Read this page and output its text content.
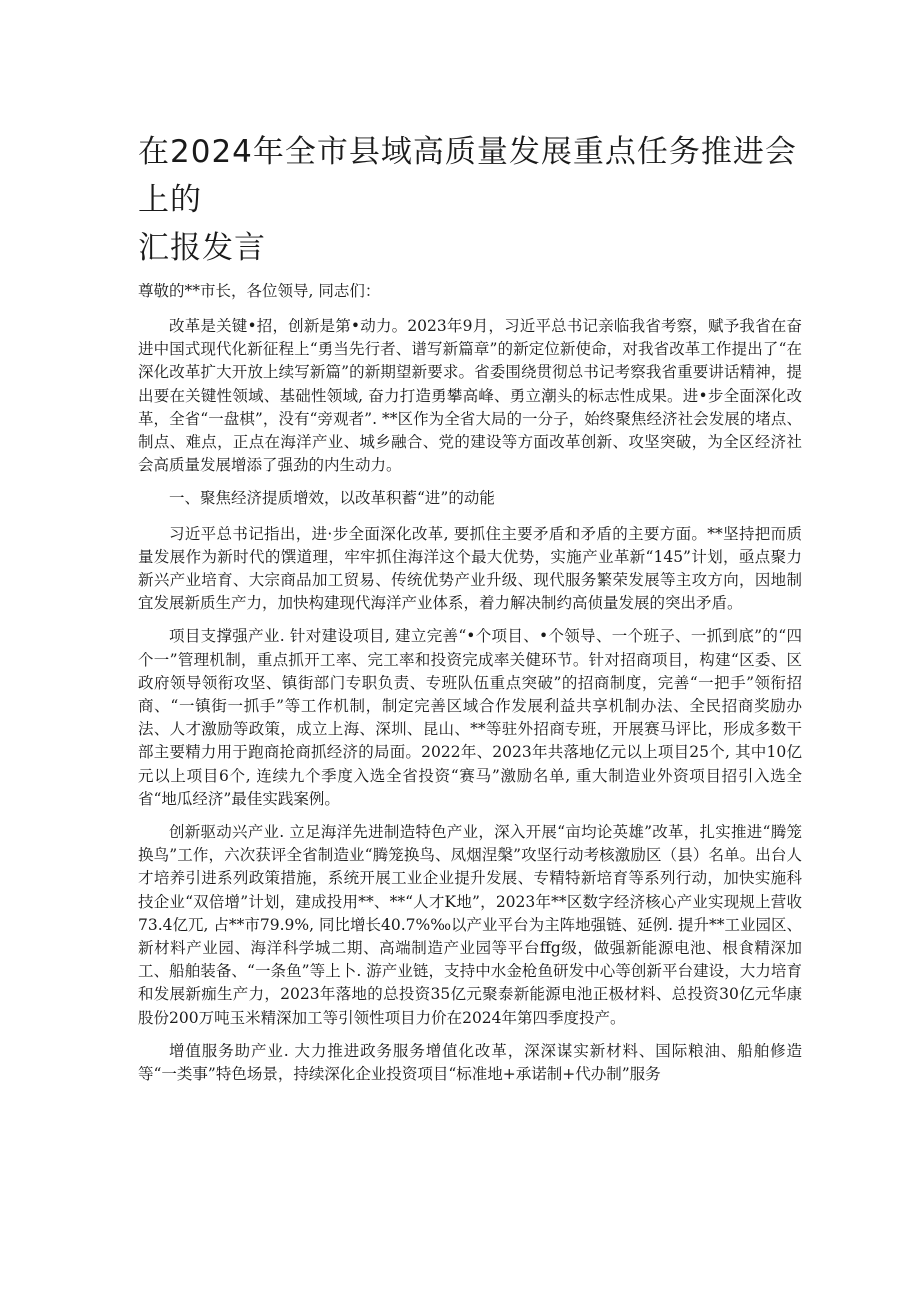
在2024年全市县域高质量发展重点任务推进会上的
汇报发言

尊敬的**市长，各位领导, 同志们：

改革是关键•招，创新是第•动力。2023年9月，习近平总书记亲临我省考察，赋予我省在奋进中国式现代化新征程上“勇当先行者、谱写新篇章”的新定位新使命，对我省改革工作提出了“在深化改革扩大开放上续写新篇”的新期望新要求。省委围绕贯彻总书记考察我省重要讲话精神，提出要在关键性领域、基础性领域, 奋力打造勇攀高峰、勇立潮头的标志性成果。进•步全面深化改革，全省“一盘棋”，没有“旁观者”. **区作为全省大局的一分子，始终聚焦经济社会发展的堵点、制点、难点，正点在海洋产业、城乡融合、党的建设等方面改革创新、攻坚突破，为全区经济社会高质量发展增添了强劲的内生动力。

一、聚焦经济提质增效，以改革积蓄“进”的动能

习近平总书记指出，进·步全面深化改革, 要抓住主要矛盾和矛盾的主要方面。**坚持把而质量发展作为新时代的馔道理，牢牢抓住海洋这个最大优势，实施产业革新“145”计划，亟点聚力新兴产业培育、大宗商品加工贸易、传统优势产业升级、现代服务繁荣发展等主攻方向，因地制宜发展新质生产力，加快构建现代海洋产业体系，着力解决制约高侦量发展的突出矛盾。

项目支撑强产业. 针对建设项目, 建立完善“•个项目、•个领导、一个班子、一抓到底”的“四个一”管理机制，重点抓开工率、完工率和投资完成率关健环节。针对招商项目，构建“区委、区政府领导领衔攻坚、镇街部门专职负责、专班队伍重点突破”的招商制度，完善“一把手”领衔招商、“一镇街一抓手”等工作机制，制定完善区域合作发展利益共享机制办法、全民招商奖励办法、人才激励等政策，成立上海、深圳、昆山、**等驻外招商专班，开展赛马评比，形成多数干部主要精力用于跑商抢商抓经济的局面。2022年、2023年共落地亿元以上项目25个, 其中10亿元以上项目6个, 连续九个季度入选全省投资“赛马”激励名单, 重大制造业外资项目招引入选全省“地瓜经济”最佳实践案例。

创新驱动兴产业. 立足海洋先进制造特色产业，深入开展“亩均论英雄”改革，扎实推进“腾笼换鸟”工作，六次获评全省制造业“腾笼换鸟、凤烟涅槃”攻坚行动考核激励区（县）名单。出台人才培养引进系列政策措施，系统开展工业企业提升发展、专精特新培育等系列行动，加快实施科技企业“双倍增”计划，建成投用**、**“人才K地”，2023年**区数字经济核心产业实现规上营收73.4亿兀, 占**市79.9%, 同比增长40.7%‰以产业平台为主阵地强链、延例. 提升**工业园区、新材料产业园、海洋科学城二期、高端制造产业园等平台ffg级，做强新能源电池、根食精深加工、船舶装备、“一条鱼”等上卜. 游产业链，支持中水金枪鱼研发中心等创新平台建设，大力培育和发展新痂生产力，2023年落地的总投资35亿元聚泰新能源电池正极材料、总投资30亿元华康股份200万吨玉米精深加工等引领性项目力价在2024年第四季度投产。

增值服务助产业. 大力推进政务服务增值化改革，深深谋实新材料、国际粮油、船舶修造等“一类事”特色场景，持续深化企业投资项目“标准地+承诺制+代办制”服务
